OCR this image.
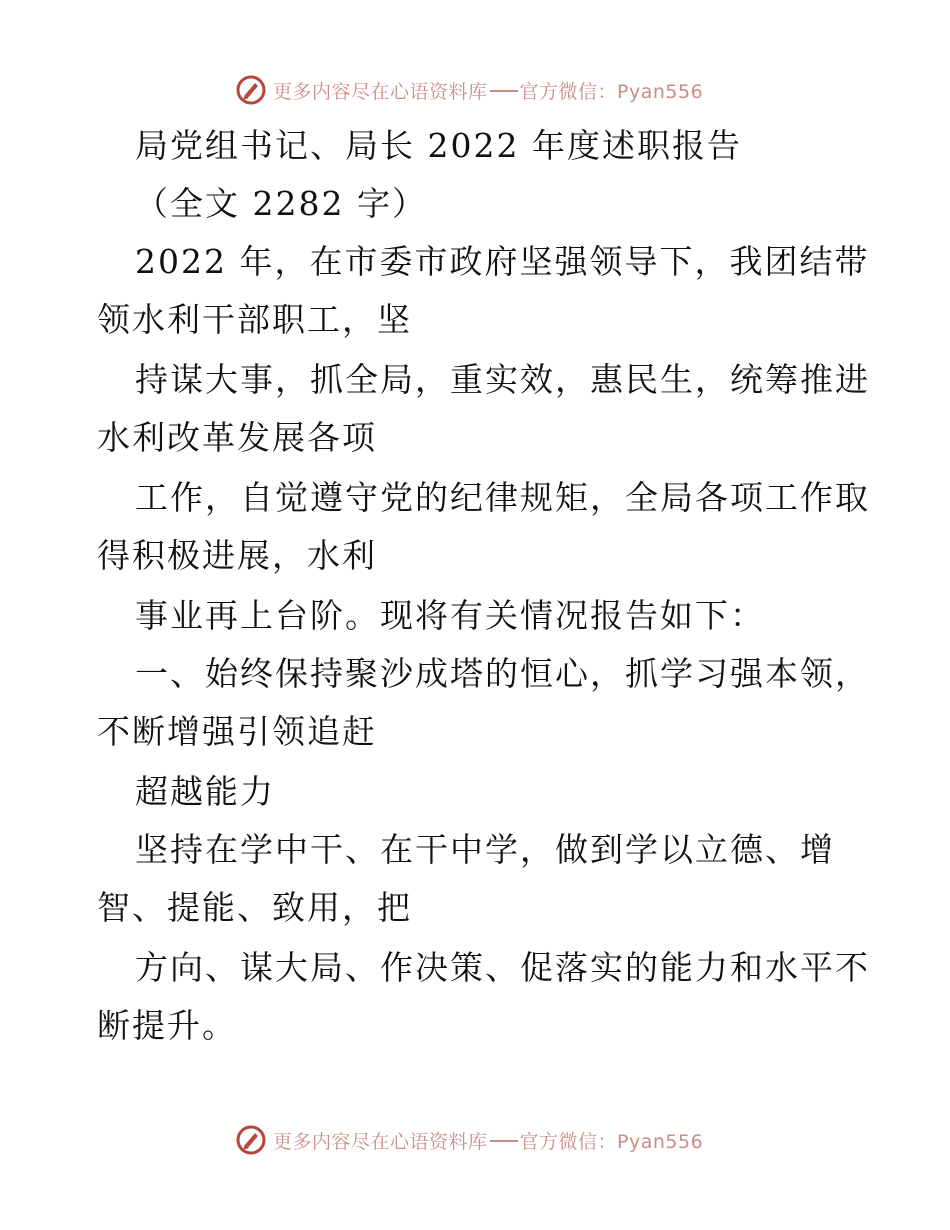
更多内容尽在心语资料库 官方微信：Pyan556
局党组书记、局长 2022 年度述职报告
（全文 2282 字）
2022 年，在市委市政府坚强领导下，我团结带
领水利干部职工，坚
持谋大事，抓全局，重实效，惠民生，统筹推进
水利改革发展各项
工作，自觉遵守党的纪律规矩，全局各项工作取
得积极进展，水利
事业再上台阶。现将有关情况报告如下：
一、始终保持聚沙成塔的恒心，抓学习强本领，
不断增强引领追赶
超越能力
坚持在学中干、在干中学，做到学以立德、增
智、提能、致用，把
方向、谋大局、作决策、促落实的能力和水平不
断提升。
更多内容尽在心语资料库 官方微信：Pyan556
